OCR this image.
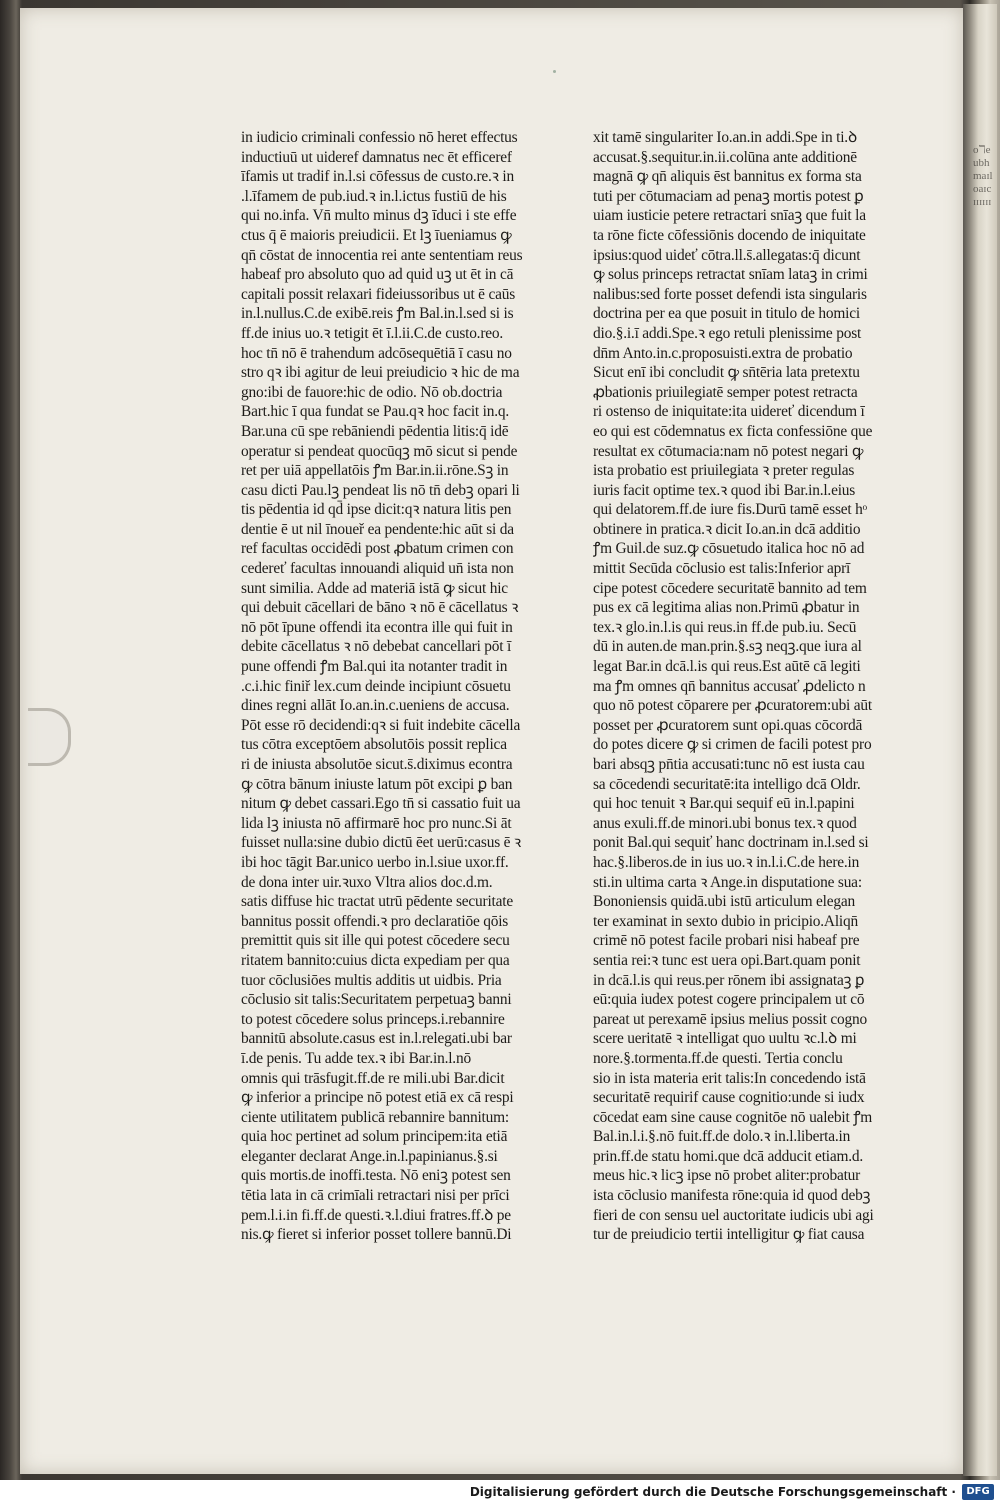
oℸeubhmaɪloaɪcɪɪɪɪɪɪ
in iudicio criminali confessio nō heret effectus
inductiuū ut uideref damnatus nec ēt efficeref
īfamis ut tradif in.l.si cōfessus de custo.re.ꝛ in
.l.īfamem de pub.iud.ꝛ in.l.ictus fustiū de his
qui no.infa. Vn̄ multo minus dꝫ īduci i ste effe
ctus q̄ ē maioris preiudicii. Et lꝫ īueniamus ꝙ
qn̄ cōstat de innocentia rei ante sententiam reus
habeaf pro absoluto quo ad quid uꝫ ut ēt in cā
capitali possit relaxari fideiussoribus ut ē caūs
in.l.nullus.C.de exibē.reis ꝭm Bal.in.l.sed si is
ff.de inius uo.ꝛ tetigit ēt ī.l.ii.C.de custo.reo.
hoc tn̄ nō ē trahendum adcōsequētiā ī casu no
stro qꝛ ibi agitur de leui preiudicio ꝛ hic de ma
gno:ibi de fauore:hic de odio. Nō ob.doctria
Bart.hic ī qua fundat se Pau.qꝛ hoc facit in.q.
Bar.una cū spe rebāniendi pēdentia litis:q̄ idē
operatur si pendeat quocūqꝫ mō sicut si pende
ret per uiā appellatōis ꝭm Bar.in.ii.rōne.Sꝫ in
casu dicti Pau.lꝫ pendeat lis nō tn̄ debꝫ opari li
tis pēdentia id qd̄ ipse dicit:qꝛ natura litis pen
dentie ē ut nil īnoueř ea pendente:hic aūt si da
ref facultas occidēdi post ꝓbatum crimen con
cedereť facultas innouandi aliquid un̄ ista non
sunt similia. Adde ad materiā istā ꝙ sicut hic
qui debuit cācellari de bāno ꝛ nō ē cācellatus ꝛ
nō pōt īpune offendi ita econtra ille qui fuit in
debite cācellatus ꝛ nō debebat cancellari pōt ī
pune offendi ꝭm Bal.qui ita notanter tradit in
.c.i.hic finiř lex.cum deinde incipiunt cōsuetu
dines regni allāt Io.an.in.c.ueniens de accusa.
Pōt esse rō decidendi:qꝛ si fuit indebite cācella
tus cōtra exceptōem absolutōis possit replica
ri de iniusta absolutōe sicut.s̄.diximus econtra
ꝙ cōtra bānum iniuste latum pōt excipi ꝑ ban
nitum ꝙ debet cassari.Ego tn̄ si cassatio fuit ua
lida lꝫ iniusta nō affirmarē hoc pro nunc.Si āt
fuisset nulla:sine dubio dictū ēet uerū:casus ē ꝛ
ibi hoc tāgit Bar.unico uerbo in.l.siue uxor.ff.
de dona inter uir.ꝛuxo Vltra alios doc.d.m.
satis diffuse hic tractat utrū pēdente securitate
bannitus possit offendi.ꝛ pro declaratiōe qōis
premittit quis sit ille qui potest cōcedere secu
ritatem bannito:cuius dicta expediam per qua
tuor cōclusiōes multis additis ut uidbis. Pria
cōclusio sit talis:Securitatem perpetuaꝫ banni
to potest cōcedere solus princeps.i.rebannire
bannitū absolute.casus est in.l.relegati.ubi bar
ī.de penis. Tu adde tex.ꝛ ibi Bar.in.l.nō
omnis qui trāsfugit.ff.de re mili.ubi Bar.dicit
ꝙ inferior a principe nō potest etiā ex cā respi
ciente utilitatem publicā rebannire bannitum:
quia hoc pertinet ad solum principem:ita etiā
eleganter declarat Ange.in.l.papinianus.§.si
quis mortis.de inoffi.testa. Nō eniꝫ potest sen
tētia lata in cā crimīali retractari nisi per prīci
pem.l.i.in fi.ff.de questi.ꝛ.l.diui fratres.ff.ꝺ pe
nis.ꝙ fieret si inferior posset tollere bannū.Di
xit tamē singulariter Io.an.in addi.Spe in ti.ꝺ
accusat.§.sequitur.in.ii.colūna ante additionē
magnā ꝙ qn̄ aliquis ēst bannitus ex forma sta
tuti per cōtumaciam ad penaꝫ mortis potest ꝑ
uiam iusticie petere retractari snīaꝫ que fuit la
ta rōne ficte cōfessiōnis docendo de iniquitate
ipsius:quod uideť cōtra.ll.s̄.allegatas:q̄ dicunt
ꝙ solus princeps retractat snīam lataꝫ in crimi
nalibus:sed forte posset defendi ista singularis
doctrina per ea que posuit in titulo de homici
dio.§.i.ī addi.Spe.ꝛ ego retuli plenissime post
dn̄m Anto.in.c.proposuisti.extra de probatio
Sicut enī ibi concludit ꝙ sn̄tēria lata pretextu
ꝓbationis priuilegiatē semper potest retracta
ri ostenso de iniquitate:ita uidereť dicendum ī
eo qui est cōdemnatus ex ficta confessiōne que
resultat ex cōtumacia:nam nō potest negari ꝙ
ista probatio est priuilegiata ꝛ preter regulas
iuris facit optime tex.ꝛ quod ibi Bar.in.l.eius
qui delatorem.ff.de iure fis.Durū tamē esset hᵒ
obtinere in pratica.ꝛ dicit Io.an.in dcā additio
ꝭm Guil.de suz.ꝙ cōsuetudo italica hoc nō ad
mittit Secūda cōclusio est talis:Inferior aprī
cipe potest cōcedere securitatē bannito ad tem
pus ex cā legitima alias non.Primū ꝓbatur in
tex.ꝛ glo.in.l.is qui reus.in ff.de pub.iu. Secū
dū in auten.de man.prin.§.sꝫ neqꝫ.que iura al
legat Bar.in dcā.l.is qui reus.Est aūtē cā legiti
ma ꝭm omnes qn̄ bannitus accusať ꝓdelicto n
quo nō potest cōparere per ꝓcuratorem:ubi aūt
posset per ꝓcuratorem sunt opi.quas cōcordā
do potes dicere ꝙ si crimen de facili potest pro
bari absqꝫ pn̄tia accusati:tunc nō est iusta cau
sa cōcedendi securitatē:ita intelligo dcā Oldr.
qui hoc tenuit ꝛ Bar.qui sequif eū in.l.papini
anus exuli.ff.de minori.ubi bonus tex.ꝛ quod
ponit Bal.qui sequiť hanc doctrinam in.l.sed si
hac.§.liberos.de in ius uo.ꝛ in.l.i.C.de here.in
sti.in ultima carta ꝛ Ange.in disputatione sua:
Bononiensis quidā.ubi istū articulum elegan
ter examinat in sexto dubio in pricipio.Aliqn̄
crimē nō potest facile probari nisi habeaf pre
sentia rei:ꝛ tunc est uera opi.Bart.quam ponit
in dcā.l.is qui reus.per rōnem ibi assignataꝫ ꝑ
eū:quia iudex potest cogere principalem ut cō
pareat ut perexamē ipsius melius possit cogno
scere ueritatē ꝛ intelligat quo uultu ꝛc.l.ꝺ mi
nore.§.tormenta.ff.de questi. Tertia conclu
sio in ista materia erit talis:In concedendo istā
securitatē requirif cause cognitio:unde si iudx
cōcedat eam sine cause cognitōe nō ualebit ꝭm
Bal.in.l.i.§.nō fuit.ff.de dolo.ꝛ in.l.liberta.in
prin.ff.de statu homi.que dcā adducit etiam.d.
meus hic.ꝛ licꝫ ipse nō probet aliter:probatur
ista cōclusio manifesta rōne:quia id quod debꝫ
fieri de con sensu uel auctoritate iudicis ubi agi
tur de preiudicio tertii intelligitur ꝙ fiat causa
Digitalisierung gefördert durch die Deutsche Forschungsgemeinschaft ·	DFG
